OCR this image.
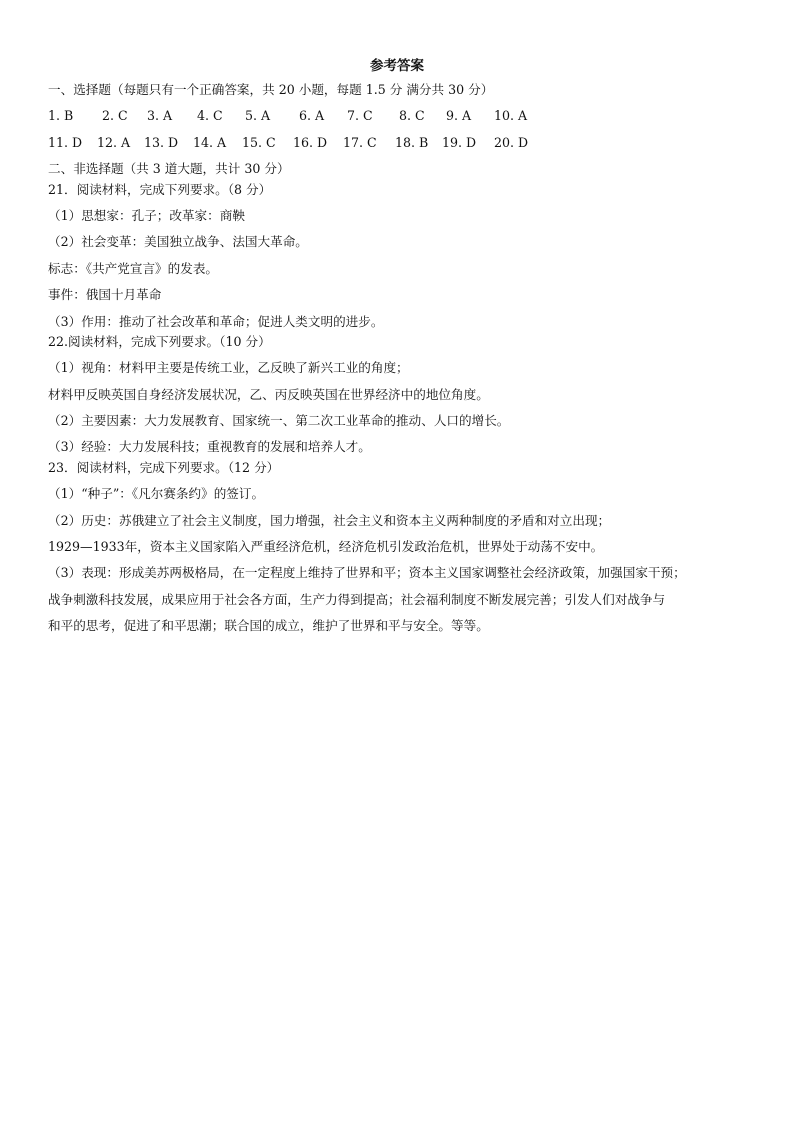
参考答案
一、选择题（每题只有一个正确答案，共 20 小题，每题 1.5 分 满分共 30 分）
1. B 2. C 3. A 4. C 5. A 6. A 7. C 8. C 9. A 10. A
11. D 12. A 13. D 14. A 15. C 16. D 17. C 18. B 19. D 20. D
二、非选择题（共 3 道大题，共计 30 分）
21．阅读材料，完成下列要求。（8 分）
（1）思想家：孔子；改革家：商鞅
（2）社会变革：美国独立战争、法国大革命。
标志：《共产党宣言》的发表。
事件：俄国十月革命
（3）作用：推动了社会改革和革命；促进人类文明的进步。
22.阅读材料，完成下列要求。（10 分）
（1）视角：材料甲主要是传统工业，乙反映了新兴工业的角度；
材料甲反映英国自身经济发展状况，乙、丙反映英国在世界经济中的地位角度。
（2）主要因素：大力发展教育、国家统一、第二次工业革命的推动、人口的增长。
（3）经验：大力发展科技；重视教育的发展和培养人才。
23．阅读材料，完成下列要求。（12 分）
（1）“种子”：《凡尔赛条约》的签订。
（2）历史：苏俄建立了社会主义制度，国力增强，社会主义和资本主义两种制度的矛盾和对立出现；
1929—1933年，资本主义国家陷入严重经济危机，经济危机引发政治危机，世界处于动荡不安中。
（3）表现：形成美苏两极格局，在一定程度上维持了世界和平；资本主义国家调整社会经济政策，加强国家干预；
战争刺激科技发展，成果应用于社会各方面，生产力得到提高；社会福利制度不断发展完善；引发人们对战争与
和平的思考，促进了和平思潮；联合国的成立，维护了世界和平与安全。等等。
